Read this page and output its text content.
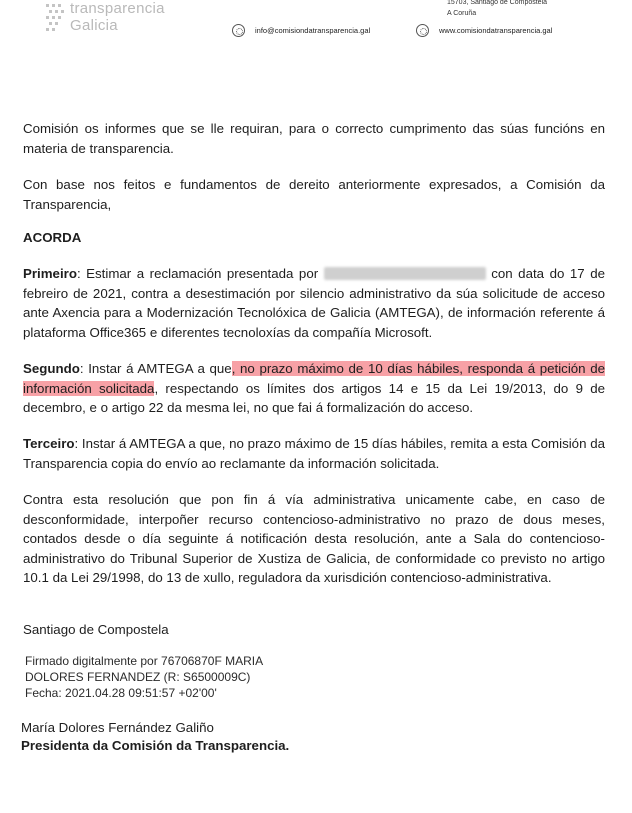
transparencia
Galicia
15703, Santiago de Compostela
A Coruña
info@comisiondatransparencia.gal	www.comisiondatransparencia.gal
Comisión os informes que se lle requiran, para o correcto cumprimento das súas funcións en materia de transparencia.
Con base nos feitos e fundamentos de dereito anteriormente expresados, a Comisión da Transparencia,
ACORDA
Primeiro: Estimar a reclamación presentada por	con data do 17 de febreiro de 2021, contra a desestimación por silencio administrativo da súa solicitude de acceso ante Axencia para a Modernización Tecnolóxica de Galicia (AMTEGA), de información referente á plataforma Office365 e diferentes tecnoloxías da compañía Microsoft.
Segundo: Instar á AMTEGA a que, no prazo máximo de 10 días hábiles, responda á petición de información solicitada, respectando os límites dos artigos 14 e 15 da Lei 19/2013, do 9 de decembro, e o artigo 22 da mesma lei, no que fai á formalización do acceso.
Terceiro: Instar á AMTEGA a que, no prazo máximo de 15 días hábiles, remita a esta Comisión da Transparencia copia do envío ao reclamante da información solicitada.
Contra esta resolución que pon fin á vía administrativa unicamente cabe, en caso de desconformidade, interpoñer recurso contencioso-administrativo no prazo de dous meses, contados desde o día seguinte á notificación desta resolución, ante a Sala do contencioso-administrativo do Tribunal Superior de Xustiza de Galicia, de conformidade co previsto no artigo 10.1 da Lei 29/1998, do 13 de xullo, reguladora da xurisdición contencioso-administrativa.
Santiago de Compostela
Firmado digitalmente por 76706870F MARIA
DOLORES FERNANDEZ (R: S6500009C)
Fecha: 2021.04.28 09:51:57 +02'00'
María Dolores Fernández Galiño
Presidenta da Comisión da Transparencia.
